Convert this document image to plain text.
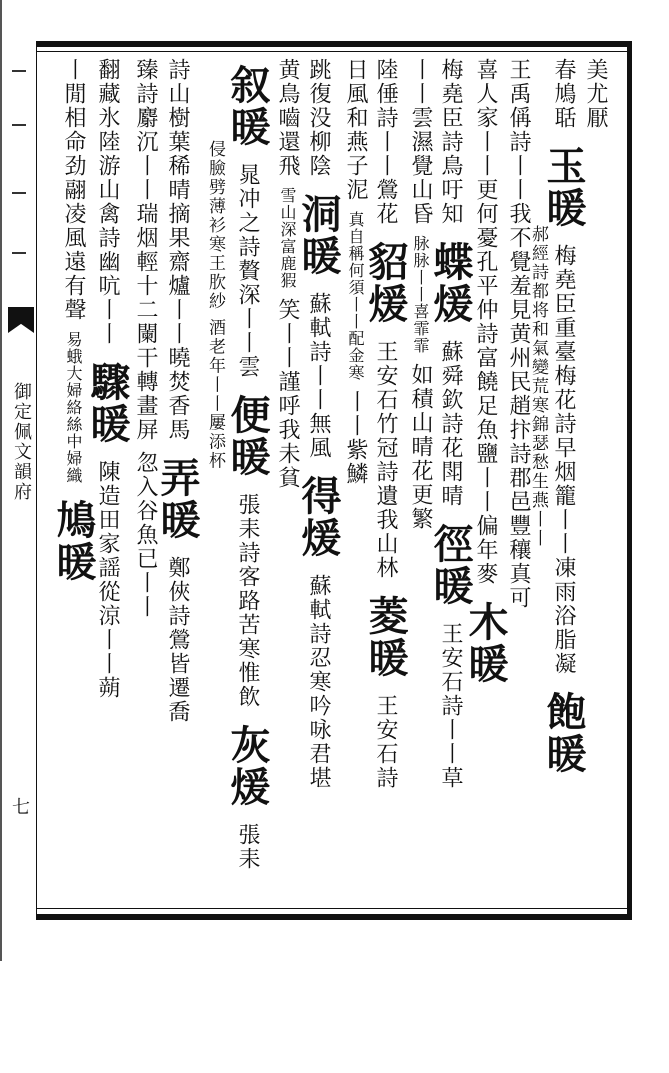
御定佩文韻府
七
美尤厭
春鳩聒 玉暖 梅堯臣重臺梅花詩早烟籠丨丨凍雨浴脂凝 飽暖
郝經詩都将和氣變荒寒錦瑟愁生燕丨丨
王禹偁詩丨丨我不覺羞見黄州民趙抃詩郡邑豐穰真可
喜人家丨丨更何憂孔平仲詩富饒足魚鹽丨丨偏年麥 木暖
梅堯臣詩鳥吁知 蝶煖 蘇舜欽詩花閗晴 徑暖 王安石詩丨丨草
丨丨雲濕覺山昏 脉脉丨丨喜霏霏 如積山晴花更繁
陸倕詩丨丨鶯花 貂煖 王安石竹冠詩遺我山林 菱暖 王安石詩
日風和燕子泥 真自稱何須丨丨配金寒 丨丨紫鱗
跳復没柳陰 洞暖 蘇軾詩丨丨無風 得煖 蘇軾詩忍寒吟咏君堪
黄鳥嚙還飛 雪山深富鹿猳 笑丨丨謹呼我未貧
叙暖 晁冲之詩贅深丨丨雲 便暖 張耒詩客路苦寒惟飲 灰煖 張耒
侵臉劈薄衫寒王肷紗 酒老年丨丨屢添杯
詩山樹葉稀晴摘果齋爐丨丨曉焚香馬 弄暖 鄭俠詩鶯皆遷喬
臻詩麝沉丨丨瑞烟輕十二闌干轉畫屏 忽入谷魚已丨丨
翻藏氷陸游山禽詩幽吭丨丨 驟暖 陳造田家謡從涼丨丨蒴
丨閒相命劲翮凌風遠有聲 易蛾大婦絡絲中婦織 鳩暖
